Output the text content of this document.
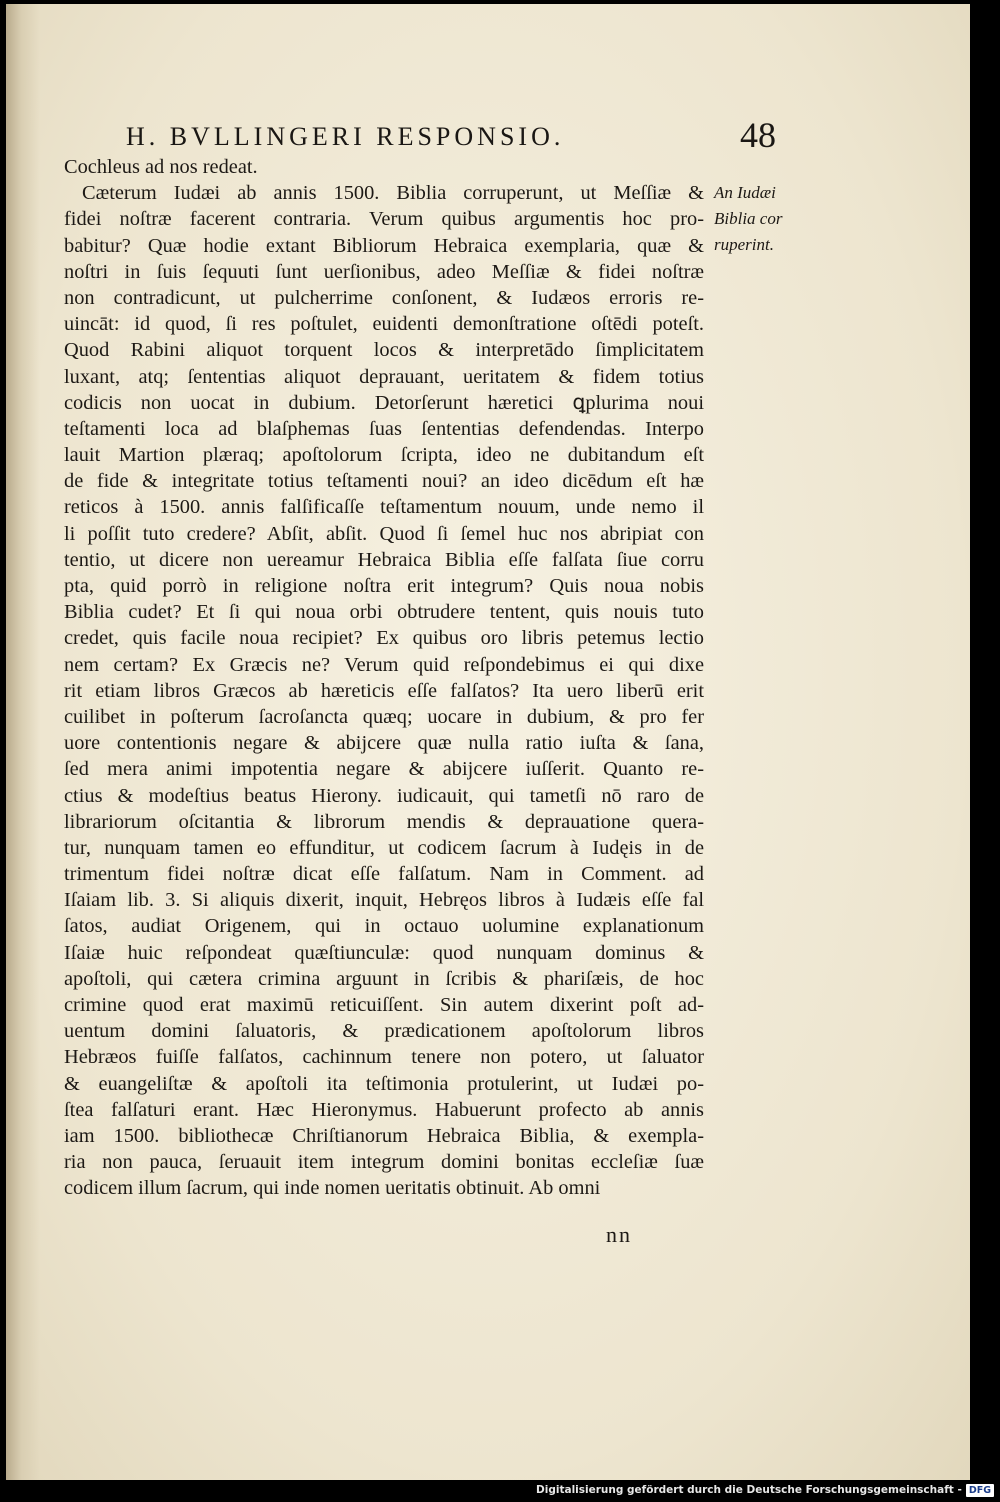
H. BVLLINGERI RESPONSIO.	48
Cochleus ad nos redeat.
Cæterum Iudæi ab annis 1500. Biblia corruperunt, ut Meſſiæ &
fidei noſtræ facerent contraria. Verum quibus argumentis hoc pro-
babitur? Quæ hodie extant Bibliorum Hebraica exemplaria, quæ &
noſtri in ſuis ſequuti ſunt uerſionibus, adeo Meſſiæ & fidei noſtræ
non contradicunt, ut pulcherrime conſonent, & Iudæos erroris re-
uincāt: id quod, ſi res poſtulet, euidenti demonſtratione oſtēdi poteſt.
Quod Rabini aliquot torquent locos & interpretādo ſimplicitatem
luxant, atq; ſententias aliquot deprauant, ueritatem & fidem totius
codicis non uocat in dubium. Detorſerunt hæretici ꝗplurima noui
teſtamenti loca ad blaſphemas ſuas ſententias defendendas. Interpo
lauit Martion plæraq; apoſtolorum ſcripta, ideo ne dubitandum eſt
de fide & integritate totius teſtamenti noui? an ideo dicēdum eſt hæ
reticos à 1500. annis falſificaſſe teſtamentum nouum, unde nemo il
li poſſit tuto credere? Abſit, abſit. Quod ſi ſemel huc nos abripiat con
tentio, ut dicere non uereamur Hebraica Biblia eſſe falſata ſiue corru
pta, quid porrò in religione noſtra erit integrum? Quis noua nobis
Biblia cudet? Et ſi qui noua orbi obtrudere tentent, quis nouis tuto
credet, quis facile noua recipiet? Ex quibus oro libris petemus lectio
nem certam? Ex Græcis ne? Verum quid reſpondebimus ei qui dixe
rit etiam libros Græcos ab hæreticis eſſe falſatos? Ita uero liberū erit
cuilibet in poſterum ſacroſancta quæq; uocare in dubium, & pro fer
uore contentionis negare & abijcere quæ nulla ratio iuſta & ſana,
ſed mera animi impotentia negare & abijcere iuſſerit. Quanto re-
ctius & modeſtius beatus Hierony. iudicauit, qui tametſi nō raro de
librariorum oſcitantia & librorum mendis & deprauatione quera-
tur, nunquam tamen eo effunditur, ut codicem ſacrum à Iudęis in de
trimentum fidei noſtræ dicat eſſe falſatum. Nam in Comment. ad
Iſaiam lib. 3. Si aliquis dixerit, inquit, Hebręos libros à Iudæis eſſe fal
ſatos, audiat Origenem, qui in octauo uolumine explanationum
Iſaiæ huic reſpondeat quæſtiunculæ: quod nunquam dominus &
apoſtoli, qui cætera crimina arguunt in ſcribis & phariſæis, de hoc
crimine quod erat maximū reticuiſſent. Sin autem dixerint poſt ad-
uentum domini ſaluatoris, & prædicationem apoſtolorum libros
Hebræos fuiſſe falſatos, cachinnum tenere non potero, ut ſaluator
& euangeliſtæ & apoſtoli ita teſtimonia protulerint, ut Iudæi po-
ſtea falſaturi erant. Hæc Hieronymus. Habuerunt profecto ab annis
iam 1500. bibliothecæ Chriſtianorum Hebraica Biblia, & exempla-
ria non pauca, ſeruauit item integrum domini bonitas eccleſiæ ſuæ
codicem illum ſacrum, qui inde nomen ueritatis obtinuit. Ab omni
An Iudæi
Biblia cor
ruperint.
nn
Digitalisierung gefördert durch die Deutsche Forschungsgemeinschaft - DFG
